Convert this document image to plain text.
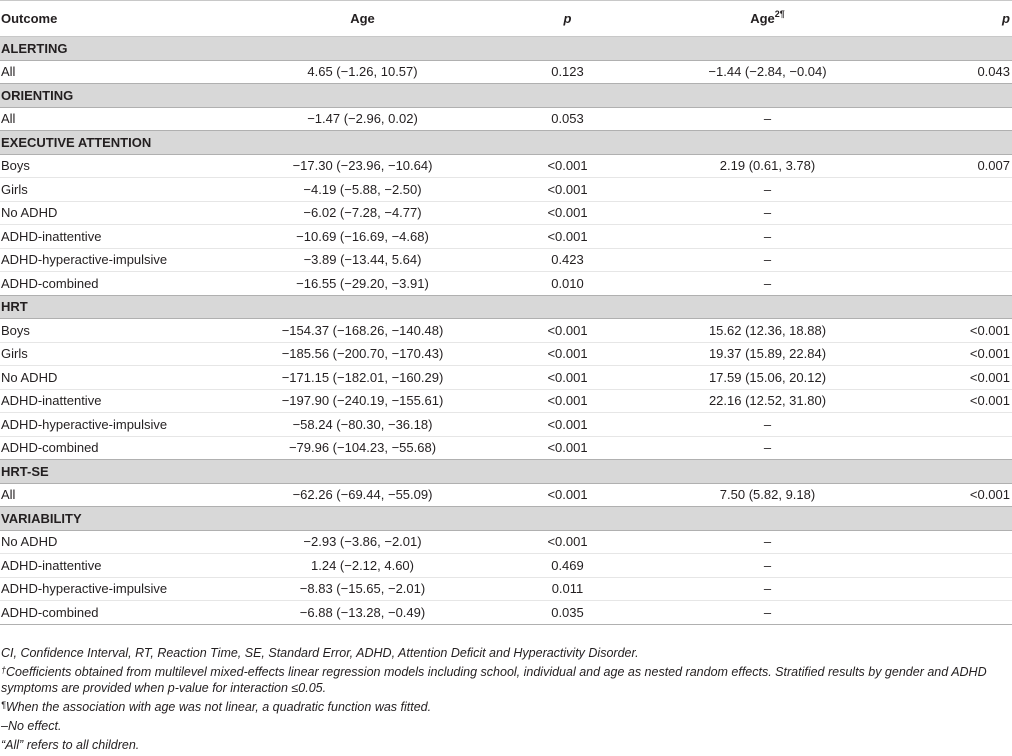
Outcome	Age	p	Age$^{2\P}$	p
ALERTING				
All	4.65 (−1.26, 10.57)	0.123	−1.44 (−2.84, −0.04)	0.043
ORIENTING				
All	−1.47 (−2.96, 0.02)	0.053	–	
EXECUTIVE ATTENTION				
Boys	−17.30 (−23.96, −10.64)	<0.001	2.19 (0.61, 3.78)	0.007
Girls	−4.19 (−5.88, −2.50)	<0.001	–	
No ADHD	−6.02 (−7.28, −4.77)	<0.001	–	
ADHD-inattentive	−10.69 (−16.69, −4.68)	<0.001	–	
ADHD-hyperactive-impulsive	−3.89 (−13.44, 5.64)	0.423	–	
ADHD-combined	−16.55 (−29.20, −3.91)	0.010	–	
HRT				
Boys	−154.37 (−168.26, −140.48)	<0.001	15.62 (12.36, 18.88)	<0.001
Girls	−185.56 (−200.70, −170.43)	<0.001	19.37 (15.89, 22.84)	<0.001
No ADHD	−171.15 (−182.01, −160.29)	<0.001	17.59 (15.06, 20.12)	<0.001
ADHD-inattentive	−197.90 (−240.19, −155.61)	<0.001	22.16 (12.52, 31.80)	<0.001
ADHD-hyperactive-impulsive	−58.24 (−80.30, −36.18)	<0.001	–	
ADHD-combined	−79.96 (−104.23, −55.68)	<0.001	–	
HRT-SE				
All	−62.26 (−69.44, −55.09)	<0.001	7.50 (5.82, 9.18)	<0.001
VARIABILITY				
No ADHD	−2.93 (−3.86, −2.01)	<0.001	–	
ADHD-inattentive	1.24 (−2.12, 4.60)	0.469	–	
ADHD-hyperactive-impulsive	−8.83 (−15.65, −2.01)	0.011	–	
ADHD-combined	−6.88 (−13.28, −0.49)	0.035	–	

CI, Confidence Interval, RT, Reaction Time, SE, Standard Error, ADHD, Attention Deficit and Hyperactivity Disorder.

†Coefficients obtained from multilevel mixed-effects linear regression models including school, individual and age as nested random effects. Stratified results by gender and ADHD symptoms are provided when p-value for interaction ≤0.05.

¶When the association with age was not linear, a quadratic function was fitted.

–No effect.

“All” refers to all children.
